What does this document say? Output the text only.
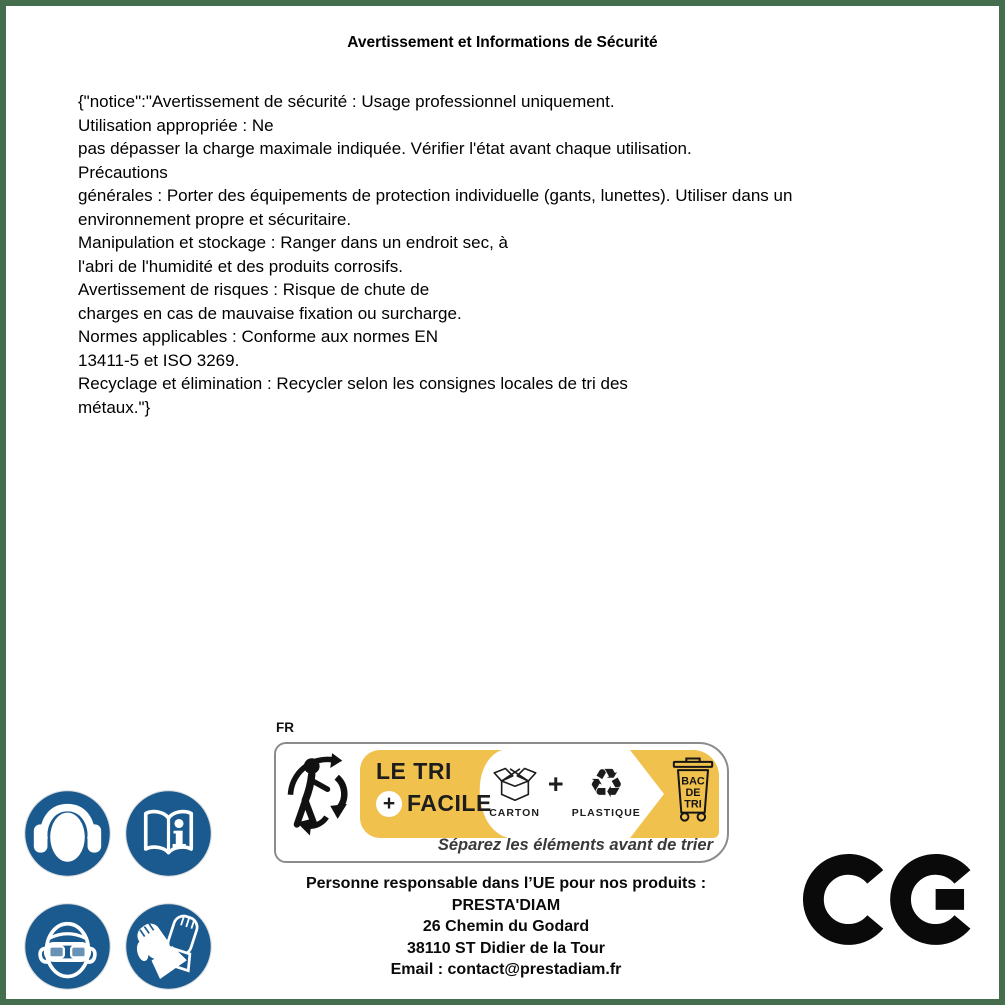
Avertissement et Informations de Sécurité
{"notice":"Avertissement de sécurité : Usage professionnel uniquement.
Utilisation appropriée : Ne
pas dépasser la charge maximale indiquée. Vérifier l'état avant chaque utilisation.
Précautions
générales : Porter des équipements de protection individuelle (gants, lunettes). Utiliser dans un
environnement propre et sécuritaire.
Manipulation et stockage : Ranger dans un endroit sec, à
l'abri de l'humidité et des produits corrosifs.
Avertissement de risques : Risque de chute de
charges en cas de mauvaise fixation ou surcharge.
Normes applicables : Conforme aux normes EN
13411-5 et ISO 3269.
Recyclage et élimination : Recycler selon les consignes locales de tri des
métaux."}
FR
LE TRI
+ FACILE
CARTON
+ ♻
PLASTIQUE
BAC
DE
TRI
Séparez les éléments avant de trier
Personne responsable dans l’UE pour nos produits :
PRESTA'DIAM
26 Chemin du Godard
38110 ST Didier de la Tour
Email : contact@prestadiam.fr
